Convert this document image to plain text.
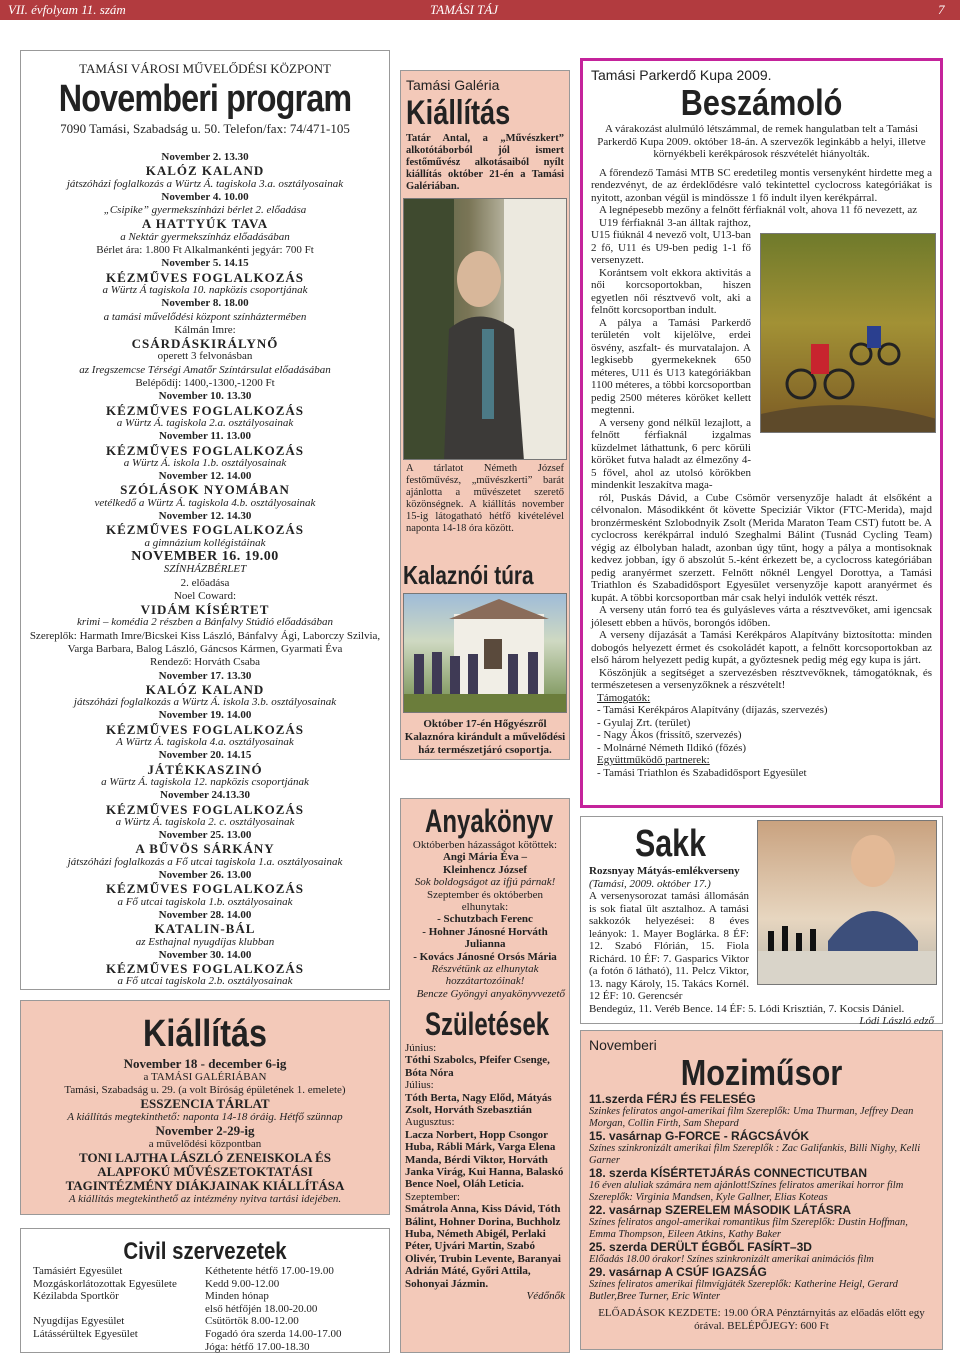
VII. évfolyam 11. szám	TAMÁSI TÁJ	7
TAMÁSI VÁROSI MŰVELŐDÉSI KÖZPONT
Novemberi program
7090 Tamási, Szabadság u. 50. Telefon/fax: 74/471-105
November 2. 13.30
KALÓZ KALAND
játszóházi foglalkozás a Würtz Á. tagiskola 3.a. osztályosainak
November 4. 10.00
„Csipike” gyermekszínházi bérlet 2. előadása
A HATTYÚK TAVA
a Nektár gyermekszínház előadásában
Bérlet ára: 1.800 Ft Alkalmankénti jegyár: 700 Ft
November 5. 14.15
KÉZMŰVES FOGLALKOZÁS
a Würtz Á tagiskola 10. napközis csoportjának
November 8. 18.00
a tamási művelődési központ színháztermében
Kálmán Imre:
CSÁRDÁSKIRÁLYNŐ
operett 3 felvonásban
az Iregszemcse Térségi Amatőr Színtársulat előadásában
Belépődíj: 1400,-1300,-1200 Ft
November 10. 13.30
KÉZMŰVES FOGLALKOZÁS
a Würtz Á. tagiskola 2.a. osztályosainak
November 11. 13.00
KÉZMŰVES FOGLALKOZÁS
a Würtz Á. iskola 1.b. osztályosainak
November 12. 14.00
SZÓLÁSOK NYOMÁBAN
vetélkedő a Würtz Á. tagiskola 4.b. osztályosainak
November 12. 14.30
KÉZMŰVES FOGLALKOZÁS
a gimnázium kollégistáinak
NOVEMBER 16. 19.00
SZÍNHÁZBÉRLET
2. előadása
Noel Coward:
VIDÁM KÍSÉRTET
krimi – komédia 2 részben a Bánfalvy Stúdió előadásában
Szereplők: Harmath Imre/Bicskei Kiss László, Bánfalvy Ági, Laborczy Szilvia, Varga Barbara, Balog László, Gáncsos Kármen, Gyarmati Éva
Rendező: Horváth Csaba
November 17. 13.30
KALÓZ KALAND
játszóházi foglalkozás a Würtz Á. iskola 3.b. osztályosainak
November 19. 14.00
KÉZMŰVES FOGLALKOZÁS
A Würtz Á. tagiskola 4.a. osztályosainak
November 20. 14.15
JÁTÉKKASZINÓ
a Würtz Á. tagiskola 12. napközis csoportjának
November 24.13.30
KÉZMŰVES FOGLALKOZÁS
a Würtz Á. tagiskola 2. c. osztályosainak
November 25. 13.00
A BŰVÖS SÁRKÁNY
játszóházi foglalkozás a Fő utcai tagiskola 1.a. osztályosainak
November 26. 13.00
KÉZMŰVES FOGLALKOZÁS
a Fő utcai tagiskola 1.b. osztályosainak
November 28. 14.00
KATALIN-BÁL
az Esthajnal nyugdíjas klubban
November 30. 14.00
KÉZMŰVES FOGLALKOZÁS
a Fő utcai tagiskola 2.b. osztályosainak
Kiállítás
November 18 - december 6-ig
a TAMÁSI GALÉRIÁBAN
Tamási, Szabadság u. 29. (a volt Bíróság épületének 1. emelete)
ESSZENCIA TÁRLAT
A kiállítás megtekinthető: naponta 14-18 óráig. Hétfő szünnap
November 2-29-ig
a művelődési központban
TONI LAJTHA LÁSZLÓ ZENEISKOLA ÉS
ALAPFOKÚ MŰVÉSZETOKTATÁSI
TAGINTÉZMÉNY DIÁKJAINAK KIÁLLÍTÁSA
A kiállítás megtekinthető az intézmény nyitva tartási idejében.
Civil szervezetek
Tamásiért Egyesület	Kéthetente hétfő 17.00-19.00
Mozgáskorlátozottak Egyesülete	Kedd 9.00-12.00
Kézilabda Sportkör	Minden hónap
első hétfőjén 18.00-20.00
Nyugdíjas Egyesület	Csütörtök 8.00-12.00
Látássérültek Egyesület	Fogadó óra szerda 14.00-17.00
Jóga: hétfő 17.00-18.30
Tamási Galéria
Kiállítás
Tatár Antal, a „Művészkert” alkotótáborból jól ismert festőművész alkotásaiból nyílt kiállítás október 21-én a Tamási Galériában.
A tárlatot Németh József festőművész, „művészkerti” barát ajánlotta a művészetet szerető közönségnek. A kiállítás november 15-ig látogatható hétfő kivételével naponta 14-18 óra között.
Kalaznói túra
Október 17-én Hőgyészről Kalaznóra kirándult a művelődési ház természetjáró csoportja.
Anyakönyv
Októberben házasságot kötöttek:
Angi Mária Éva –
Kleinhencz József
Sok boldogságot az ifjú párnak!
Szeptember és októberben elhunytak:
- Schutzbach Ferenc
- Hohner Jánosné Horváth Julianna
- Kovács Jánosné Orsós Mária
Részvétünk az elhunytak hozzátartozóinak!
Bencze Gyöngyi anyakönyvvezető
Születések
Június:
Tóthi Szabolcs, Pfeifer Csenge, Bóta Nóra
Július:
Tóth Berta, Nagy Előd, Mátyás Zsolt, Horváth Szebasztián
Augusztus:
Lacza Norbert, Hopp Csongor Huba, Rábli Márk, Varga Elena Manda, Bérdi Viktor, Horváth Janka Virág, Kui Hanna, Balaskó Bence Noel, Oláh Leticia.
Szeptember:
Smátrola Anna, Kiss Dávid, Tóth Bálint, Hohner Dorina, Buchholz Huba, Németh Abigél, Perlaki Péter, Ujvári Martin, Szabó Olivér, Trubin Levente, Baranyai Adrián Máté, Győri Attila, Sohonyai Jázmin.
Védőnők
Tamási Parkerdő Kupa 2009.
Beszámoló
A várakozást alulmúló létszámmal, de remek hangulatban telt a Tamási Parkerdő Kupa 2009. október 18-án. A szervezők leginkább a helyi, illetve környékbeli kerékpárosok részvételét hiányolták.
A főrendező Tamási MTB SC eredetileg montis versenyként hirdette meg a rendezvényt, de az érdeklődésre való tekintettel cyclocross kategóriákat is nyitott, azonban végül is mindössze 1 fő indult ilyen kerékpárral.
A legnépesebb mezőny a felnőtt férfiaknál volt, ahova 11 fő nevezett, az
U19 férfiaknál 3-an álltak rajthoz, U15 fiúknál 4 nevező volt, U13-ban 2 fő, U11 és U9-ben pedig 1-1 fő versenyzett.
Korántsem volt ekkora aktivitás a női korcsoportokban, hiszen egyetlen női résztvevő volt, aki a felnőtt korcsoportban indult.
A pálya a Tamási Parkerdő területén volt kijelölve, erdei ösvény, aszfalt- és murvatalajon. A legkisebb gyermekeknek 650 méteres, U11 és U13 kategóriákban 1100 méteres, a többi korcsoportban pedig 2500 méteres köröket kellett megtenni.
A verseny gond nélkül lezajlott, a felnőtt férfiaknál izgalmas küzdelmet láthattunk, 6 perc körüli köröket futva haladt az élmezőny 4-5 fővel, ahol az utolsó körökben mindenkit leszakítva maga-
ról, Puskás Dávid, a Cube Csömör versenyzője haladt át elsőként a célvonalon. Másodikként őt követte Speciziár Viktor (FTC-Merida), majd bronzérmesként Szlobodnyik Zsolt (Merida Maraton Team CST) futott be. A cyclocross kerékpárral induló Szeghalmi Bálint (Tusnád Cycling Team) végig az élbolyban haladt, azonban úgy tűnt, hogy a pálya a montisoknak kedvez jobban, így ő abszolút 5.-ként érkezett be, a cyclocross kategóriában pedig aranyérmet szerzett. Felnőtt nőknél Lengyel Dorottya, a Tamási Triathlon és Szabadidősport Egyesület versenyzője kapott aranyérmet és kupát. A többi korcsoportban már csak helyi indulók vették részt.
A verseny után forró tea és gulyásleves várta a résztvevőket, ami igencsak jólesett ebben a hűvös, borongós időben.
A verseny díjazását a Tamási Kerékpáros Alapítvány biztosította: minden dobogós helyezett érmet és csokoládét kapott, a felnőtt korcsoportokban az első három helyezett pedig kupát, a győztesnek pedig még egy kupa is járt.
Köszönjük a segítséget a szervezésben résztvevőknek, támogatóknak, és természetesen a versenyzőknek a részvételt!
Támogatók:
- Tamási Kerékpáros Alapítvány (díjazás, szervezés)
- Gyulaj Zrt. (terület)
- Nagy Ákos (frissítő, szervezés)
- Molnárné Németh Ildikó (főzés)
Együttműködő partnerek:
- Tamási Triathlon és Szabadidősport Egyesület
Sakk
Rozsnyay Mátyás-emlékverseny
(Tamási, 2009. október 17.)
A versenysorozat tamási állomásán is sok fiatal ült asztalhoz. A tamási sakkozók helyezései: 8 éves leányok: 1. Mayer Boglárka. 8 ÉF: 12. Szabó Flórián, 15. Fiola Richárd. 10 ÉF: 7. Gasparics Viktor (a fotón ő látható), 11. Pelcz Viktor, 13. nagy Károly, 15. Takács Kornél. 12 ÉF: 10. Gerencsér
Bendegúz, 11. Veréb Bence. 14 ÉF: 5. Lódi Krisztián, 7. Kocsis Dániel.
Lódi László edző
Novemberi
Moziműsor
11.szerda FÉRJ ÉS FELESÉG
Szinkes feliratos angol-amerikai film Szereplők: Uma Thurman, Jeffrey Dean Morgan, Collin Firth, Sam Shepard
15. vasárnap G-FORCE - RÁGCSÁVÓK
Színes szinkronizált amerikai film Szereplők : Zac Galifankis, Billi Nighy, Kelli Garner
18. szerda KÍSÉRTETJÁRÁS CONNECTICUTBAN
16 éven aluliak számára nem ajánlott!Színes feliratos amerikai horror film Szereplők: Virginia Mandsen, Kyle Gallner, Elias Koteas
22. vasárnap SZERELEM MÁSODIK LÁTÁSRA
Színes feliratos angol-amerikai romantikus film Szereplők: Dustin Hoffman, Emma Thompson, Eileen Atkins, Kathy Baker
25. szerda DERÜLT ÉGBŐL FASÍRT–3D
Előadás 18.00 órakor! Színes szinkronizált amerikai animációs film
29. vasárnap A CSÚF IGAZSÁG
Színes feliratos amerikai filmvígjáték Szereplők: Katherine Heigl, Gerard Butler,Bree Turner, Eric Winter
ELŐADÁSOK KEZDETE: 19.00 ÓRA Pénztárnyitás az előadás előtt egy órával. BELÉPŐJEGY: 600 Ft
